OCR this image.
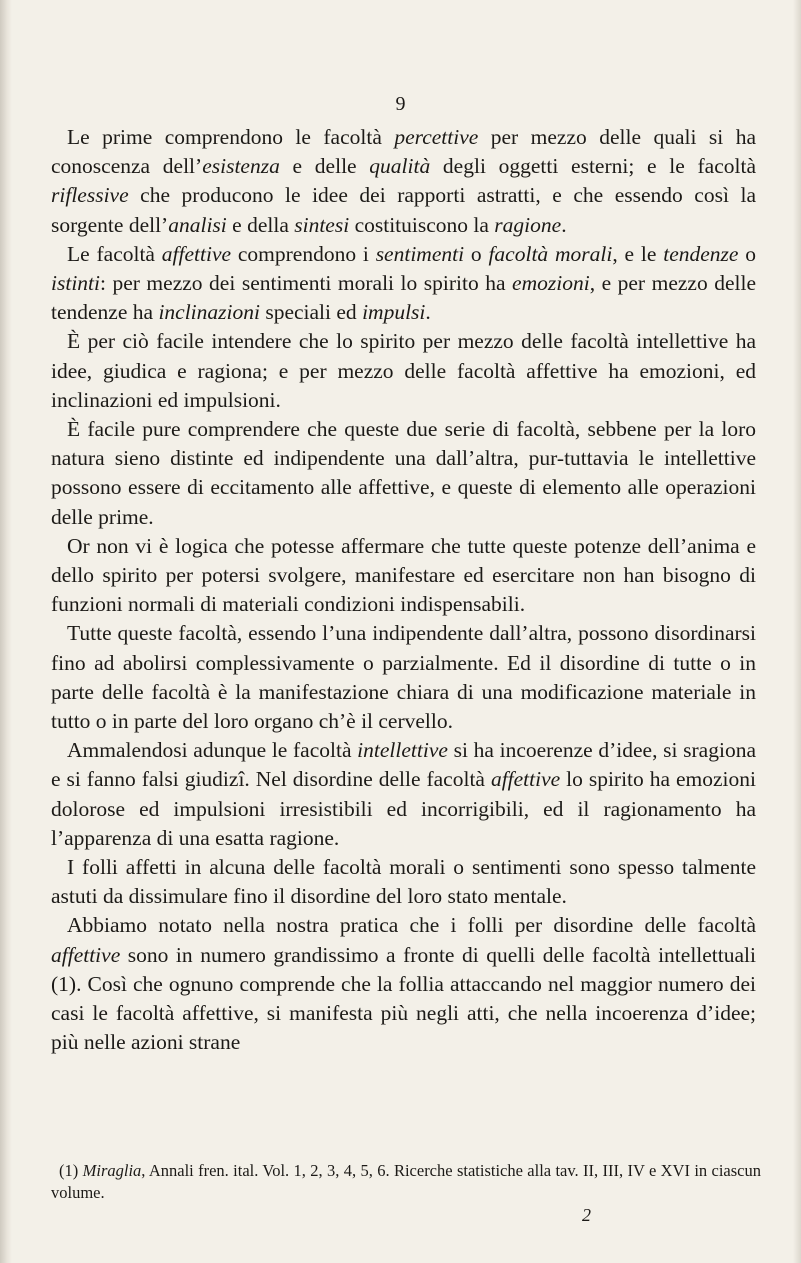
9

Le prime comprendono le facoltà percettive per mezzo delle quali si ha conoscenza dell’esistenza e delle qualità degli oggetti esterni; e le facoltà riflessive che producono le idee dei rapporti astratti, e che essendo così la sorgente dell’analisi e della sintesi costituiscono la ragione.

Le facoltà affettive comprendono i sentimenti o facoltà morali, e le tendenze o istinti: per mezzo dei sentimenti morali lo spirito ha emozioni, e per mezzo delle tendenze ha inclinazioni speciali ed impulsi.

È per ciò facile intendere che lo spirito per mezzo delle facoltà intellettive ha idee, giudica e ragiona; e per mezzo delle facoltà affettive ha emozioni, ed inclinazioni ed impulsioni.

È facile pure comprendere che queste due serie di facoltà, sebbene per la loro natura sieno distinte ed indipendente una dall’altra, pur-tuttavia le intellettive possono essere di eccitamento alle affettive, e queste di elemento alle operazioni delle prime.

Or non vi è logica che potesse affermare che tutte queste potenze dell’anima e dello spirito per potersi svolgere, manifestare ed esercitare non han bisogno di funzioni normali di materiali condizioni indispensabili.

Tutte queste facoltà, essendo l’una indipendente dall’altra, possono disordinarsi fino ad abolirsi complessivamente o parzialmente. Ed il disordine di tutte o in parte delle facoltà è la manifestazione chiara di una modificazione materiale in tutto o in parte del loro organo ch’è il cervello.

Ammalendosi adunque le facoltà intellettive si ha incoerenze d’idee, si sragiona e si fanno falsi giudizî. Nel disordine delle facoltà affettive lo spirito ha emozioni dolorose ed impulsioni irresistibili ed incorrigibili, ed il ragionamento ha l’apparenza di una esatta ragione.

I folli affetti in alcuna delle facoltà morali o sentimenti sono spesso talmente astuti da dissimulare fino il disordine del loro stato mentale.

Abbiamo notato nella nostra pratica che i folli per disordine delle facoltà affettive sono in numero grandissimo a fronte di quelli delle facoltà intellettuali (1). Così che ognuno comprende che la follia attaccando nel maggior numero dei casi le facoltà affettive, si manifesta più negli atti, che nella incoerenza d’idee; più nelle azioni strane

(1) Miraglia, Annali fren. ital. Vol. 1, 2, 3, 4, 5, 6. Ricerche statistiche alla tav. II, III, IV e XVI in ciascun volume.

2
